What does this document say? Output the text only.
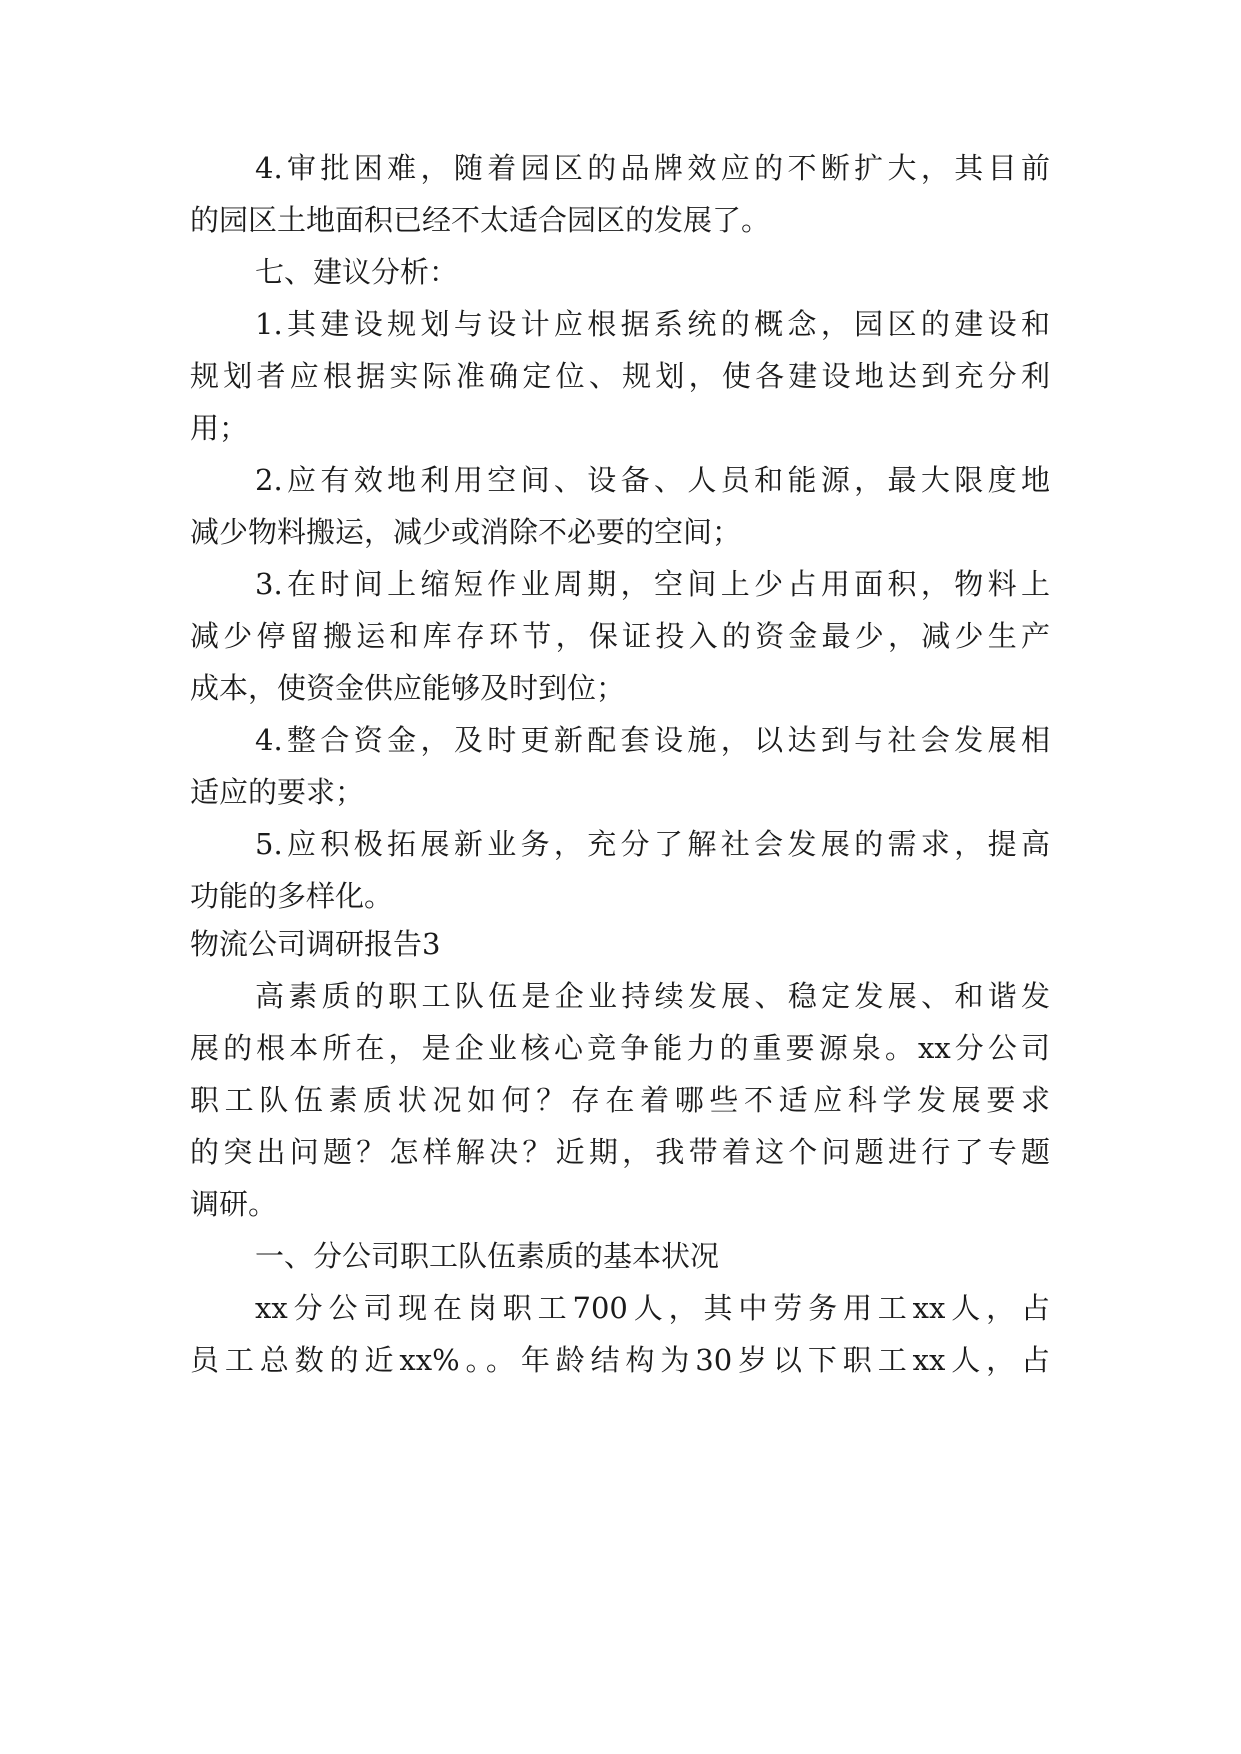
4.审批困难，随着园区的品牌效应的不断扩大，其目前
的园区土地面积已经不太适合园区的发展了。
七、建议分析：
1.其建设规划与设计应根据系统的概念，园区的建设和
规划者应根据实际准确定位、规划，使各建设地达到充分利
用；
2.应有效地利用空间、设备、人员和能源，最大限度地
减少物料搬运，减少或消除不必要的空间；
3.在时间上缩短作业周期，空间上少占用面积，物料上
减少停留搬运和库存环节，保证投入的资金最少，减少生产
成本，使资金供应能够及时到位；
4.整合资金，及时更新配套设施，以达到与社会发展相
适应的要求；
5.应积极拓展新业务，充分了解社会发展的需求，提高
功能的多样化。
物流公司调研报告3
高素质的职工队伍是企业持续发展、稳定发展、和谐发
展的根本所在，是企业核心竞争能力的重要源泉。xx分公司
职工队伍素质状况如何？存在着哪些不适应科学发展要求
的突出问题？怎样解决？近期，我带着这个问题进行了专题
调研。
一、分公司职工队伍素质的基本状况
xx分公司现在岗职工700人，其中劳务用工xx人，占
员工总数的近xx%。。年龄结构为30岁以下职工xx人，占
